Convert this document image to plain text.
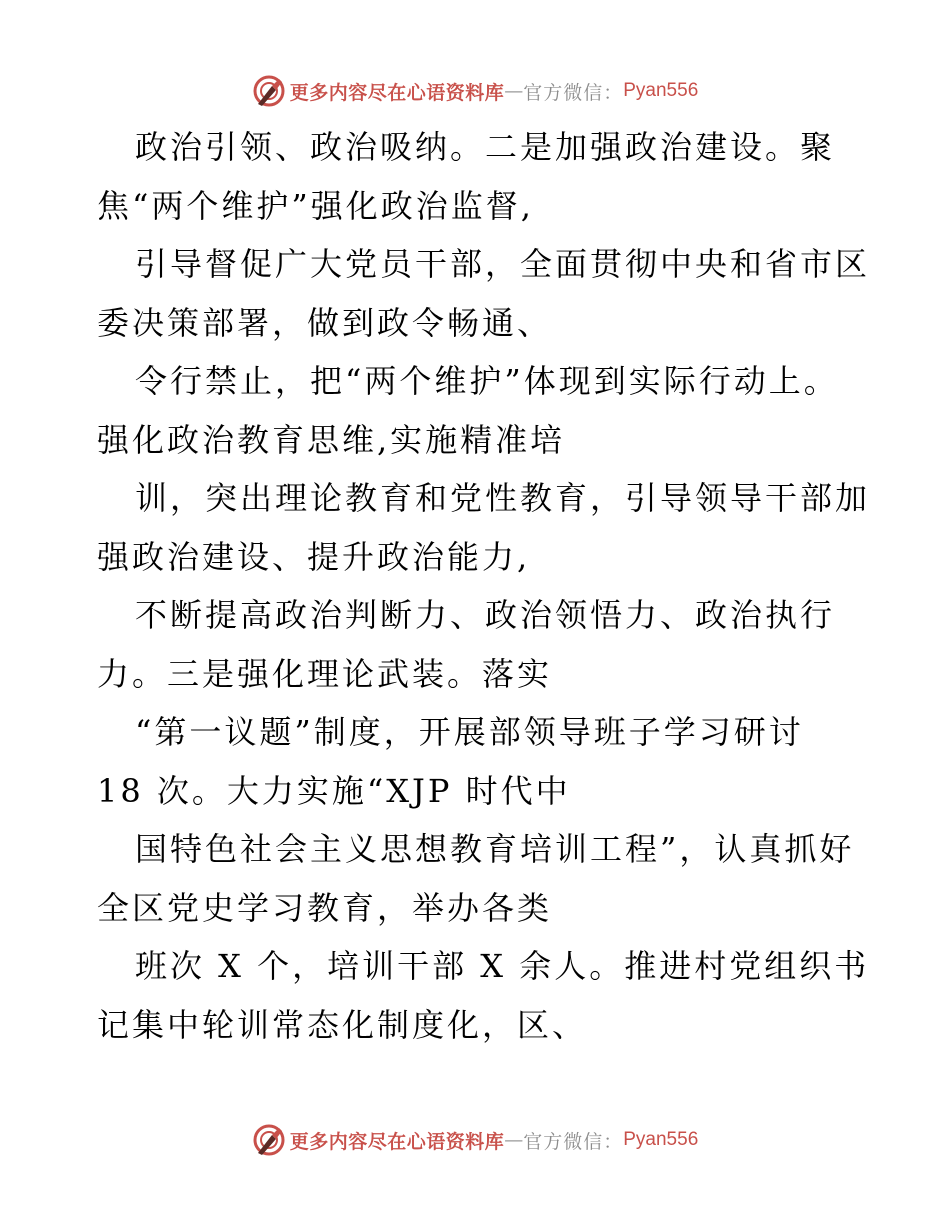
更多内容尽在心语资料库 — 官方微信： Pyan556
政治引领、政治吸纳。二是加强政治建设。聚
焦“两个维护”强化政治监督,
引导督促广大党员干部，全面贯彻中央和省市区
委决策部署，做到政令畅通、
令行禁止，把“两个维护”体现到实际行动上。
强化政治教育思维,实施精准培
训，突出理论教育和党性教育，引导领导干部加
强政治建设、提升政治能力,
不断提高政治判断力、政治领悟力、政治执行
力。三是强化理论武装。落实
“第一议题”制度，开展部领导班子学习研讨
18 次。大力实施“XJP 时代中
国特色社会主义思想教育培训工程”，认真抓好
全区党史学习教育，举办各类
班次 X 个，培训干部 X 余人。推进村党组织书
记集中轮训常态化制度化，区、
更多内容尽在心语资料库 — 官方微信： Pyan556
